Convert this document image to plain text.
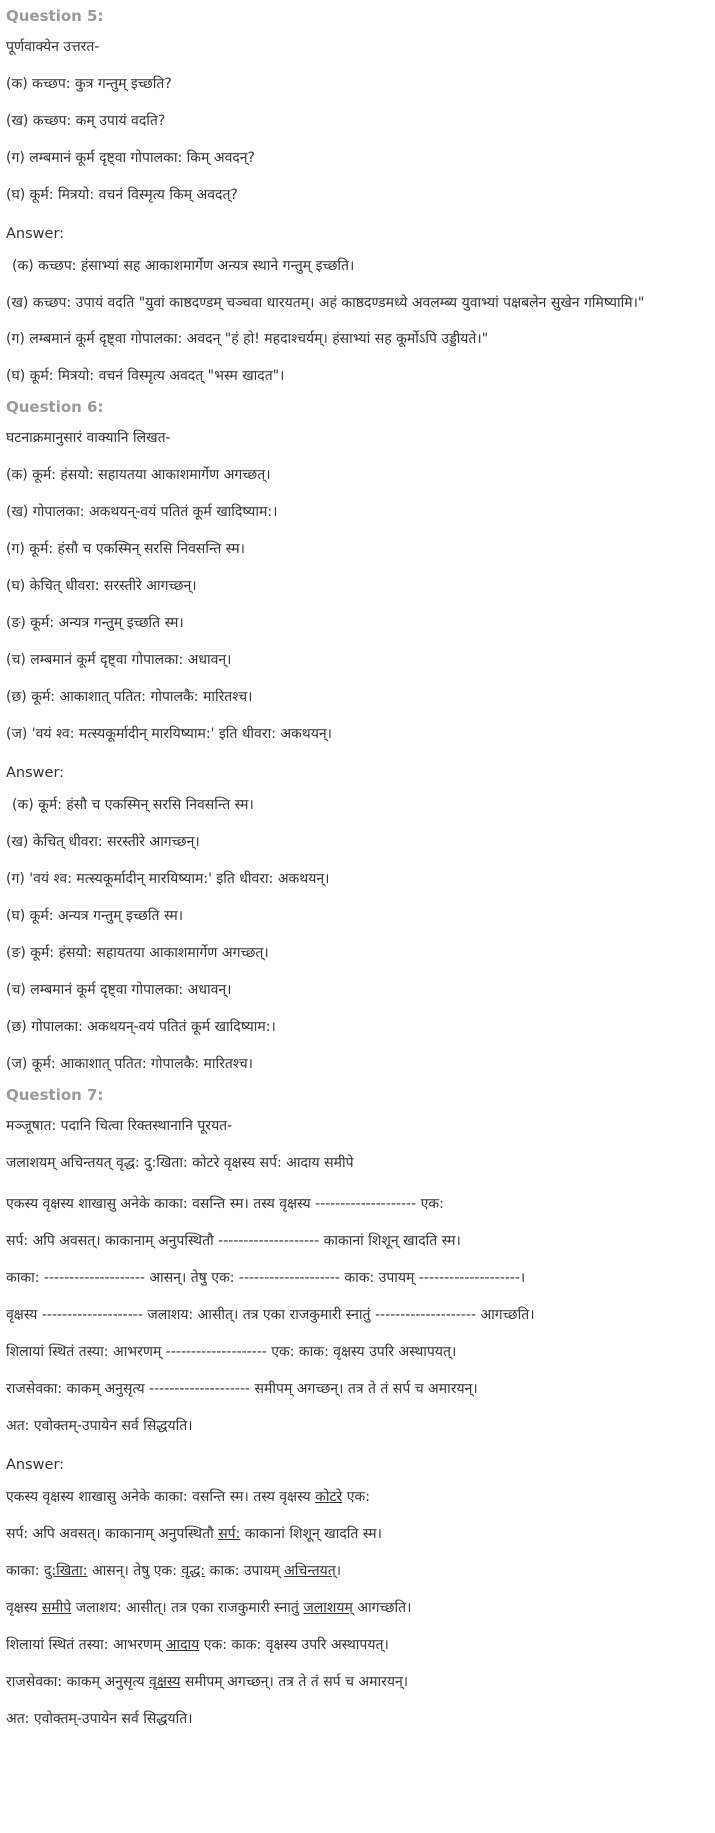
Question 5:
पूर्णवाक्येन उत्तरत-
(क) कच्छप: कुत्र गन्तुम् इच्छति?
(ख) कच्छप: कम् उपायं वदति?
(ग) लम्बमानं कूर्म दृष्ट्वा गोपालका: किम् अवदन्?
(घ) कूर्म: मित्रयो: वचनं विस्मृत्य किम् अवदत्?
Answer:
(क) कच्छप: हंसाभ्यां सह आकाशमार्गेण अन्यत्र स्थाने गन्तुम् इच्छति।
(ख) कच्छप: उपायं वदति "युवां काष्ठदण्डम् चञ्चवा धारयतम्। अहं काष्ठदण्डमध्ये अवलम्ब्य युवाभ्यां पक्षबलेन सुखेन गमिष्यामि।"
(ग) लम्बमानं कूर्म दृष्ट्वा गोपालका: अवदन् "हं हो! महदाश्चर्यम्। हंसाभ्यां सह कूर्मोऽपि उड्डीयते।"
(घ) कूर्म: मित्रयो: वचनं विस्मृत्य अवदत् "भस्म खादत"।
Question 6:
घटनाक्रमानुसारं वाक्यानि लिखत-
(क) कूर्म: हंसयो: सहायतया आकाशमार्गेण अगच्छत्।
(ख) गोपालका: अकथयन्-वयं पतितं कूर्म खादिष्याम:।
(ग) कूर्म: हंसौ च एकस्मिन् सरसि निवसन्ति स्म।
(घ) केचित् धीवरा: सरस्तीरे आगच्छन्।
(ङ) कूर्म: अन्यत्र गन्तुम् इच्छति स्म।
(च) लम्बमानं कूर्म दृष्ट्वा गोपालका: अधावन्।
(छ) कूर्म: आकाशात् पतित: गोपालकै: मारितश्च।
(ज) 'वयं श्व: मत्स्यकूर्मादीन् मारयिष्याम:' इति धीवरा: अकथयन्।
Answer:
(क) कूर्म: हंसौ च एकस्मिन् सरसि निवसन्ति स्म।
(ख) केचित् धीवरा: सरस्तीरे आगच्छन्।
(ग) 'वयं श्व: मत्स्यकूर्मादीन् मारयिष्याम:' इति धीवरा: अकथयन्।
(घ) कूर्म: अन्यत्र गन्तुम् इच्छति स्म।
(ङ) कूर्म: हंसयो: सहायतया आकाशमार्गेण अगच्छत्।
(च) लम्बमानं कूर्म दृष्ट्वा गोपालका: अधावन्।
(छ) गोपालका: अकथयन्-वयं पतितं कूर्म खादिष्याम:।
(ज) कूर्म: आकाशात् पतित: गोपालकै: मारितश्च।
Question 7:
मञ्जूषात: पदानि चित्वा रिक्तस्थानानि पूरयत-
जलाशयम् अचिन्तयत् वृद्ध: दु:खिता: कोटरे वृक्षस्य सर्प: आदाय समीपे
एकस्य वृक्षस्य शाखासु अनेके काका: वसन्ति स्म। तस्य वृक्षस्य -------------------- एक:
सर्प: अपि अवसत्। काकानाम् अनुपस्थितौ -------------------- काकानां शिशून् खादति स्म।
काका: -------------------- आसन्। तेषु एक: -------------------- काक: उपायम् --------------------।
वृक्षस्य -------------------- जलाशय: आसीत्। तत्र एका राजकुमारी स्नातुं -------------------- आगच्छति।
शिलायां स्थितं तस्या: आभरणम् -------------------- एक: काक: वृक्षस्य उपरि अस्थापयत्।
राजसेवका: काकम् अनुसृत्य -------------------- समीपम् अगच्छन्। तत्र ते तं सर्प च अमारयन्।
अत: एवोक्तम्-उपायेन सर्व सिद्धयति।
Answer:
एकस्य वृक्षस्य शाखासु अनेके काका: वसन्ति स्म। तस्य वृक्षस्य कोटरे एक:
सर्प: अपि अवसत्। काकानाम् अनुपस्थितौ सर्प: काकानां शिशून् खादति स्म।
काका: दु:खिता: आसन्। तेषु एक: वृद्ध: काक: उपायम् अचिन्तयत्।
वृक्षस्य समीपे जलाशय: आसीत्। तत्र एका राजकुमारी स्नातुं जलाशयम् आगच्छति।
शिलायां स्थितं तस्या: आभरणम् आदाय एक: काक: वृक्षस्य उपरि अस्थापयत्।
राजसेवका: काकम् अनुसृत्य वृक्षस्य समीपम् अगच्छन्। तत्र ते तं सर्प च अमारयन्।
अत: एवोक्तम्-उपायेन सर्व सिद्धयति।
